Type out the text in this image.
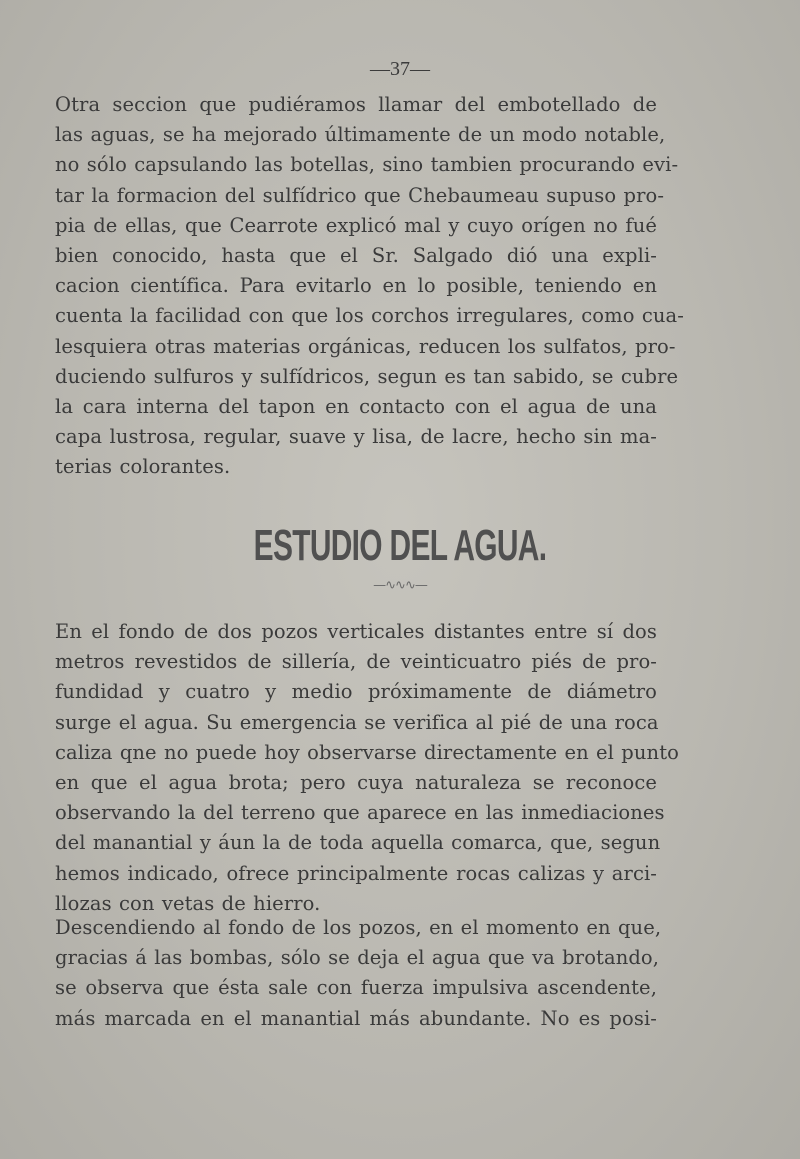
—37—
Otra seccion que pudiéramos llamar del embotellado de
las aguas, se ha mejorado últimamente de un modo notable,
no sólo capsulando las botellas, sino tambien procurando evi-
tar la formacion del sulfídrico que Chebaumeau supuso pro-
pia de ellas, que Cearrote explicó mal y cuyo orígen no fué
bien conocido, hasta que el Sr. Salgado dió una expli-
cacion científica. Para evitarlo en lo posible, teniendo en
cuenta la facilidad con que los corchos irregulares, como cua-
lesquiera otras materias orgánicas, reducen los sulfatos, pro-
duciendo sulfuros y sulfídricos, segun es tan sabido, se cubre
la cara interna del tapon en contacto con el agua de una
capa lustrosa, regular, suave y lisa, de lacre, hecho sin ma-
terias colorantes.
ESTUDIO DEL AGUA.
—∿∿∿—
En el fondo de dos pozos verticales distantes entre sí dos
metros revestidos de sillería, de veinticuatro piés de pro-
fundidad y cuatro y medio próximamente de diámetro
surge el agua. Su emergencia se verifica al pié de una roca
caliza qne no puede hoy observarse directamente en el punto
en que el agua brota; pero cuya naturaleza se reconoce
observando la del terreno que aparece en las inmediaciones
del manantial y áun la de toda aquella comarca, que, segun
hemos indicado, ofrece principalmente rocas calizas y arci-
llozas con vetas de hierro.
Descendiendo al fondo de los pozos, en el momento en que,
gracias á las bombas, sólo se deja el agua que va brotando,
se observa que ésta sale con fuerza impulsiva ascendente,
más marcada en el manantial más abundante. No es posi-
